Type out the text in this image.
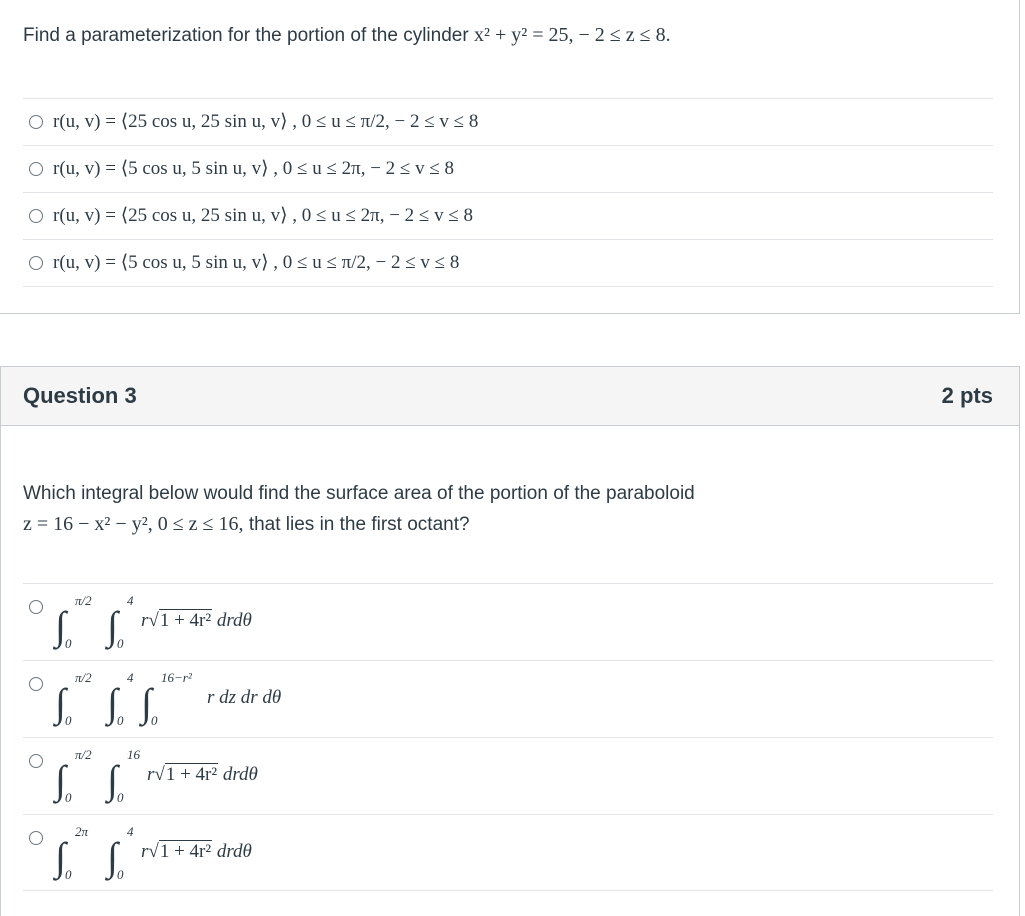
Find a parameterization for the portion of the cylinder x² + y² = 25, − 2 ≤ z ≤ 8.
r(u, v) = ⟨25 cos u, 25 sin u, v⟩ , 0 ≤ u ≤ π/2, − 2 ≤ v ≤ 8
r(u, v) = ⟨5 cos u, 5 sin u, v⟩ , 0 ≤ u ≤ 2π, − 2 ≤ v ≤ 8
r(u, v) = ⟨25 cos u, 25 sin u, v⟩ , 0 ≤ u ≤ 2π, − 2 ≤ v ≤ 8
r(u, v) = ⟨5 cos u, 5 sin u, v⟩ , 0 ≤ u ≤ π/2, − 2 ≤ v ≤ 8
Question 3	2 pts
Which integral below would find the surface area of the portion of the paraboloid
z = 16 − x² − y², 0 ≤ z ≤ 16, that lies in the first octant?
∫
π/2
0 ∫
4
0
r√1 + 4r² drdθ
∫
π/2
0 ∫
4
0 ∫
16−r²
0
r dz dr dθ
∫
π/2
0 ∫
16
0
r√1 + 4r² drdθ
∫
2π
0 ∫
4
0
r√1 + 4r² drdθ
